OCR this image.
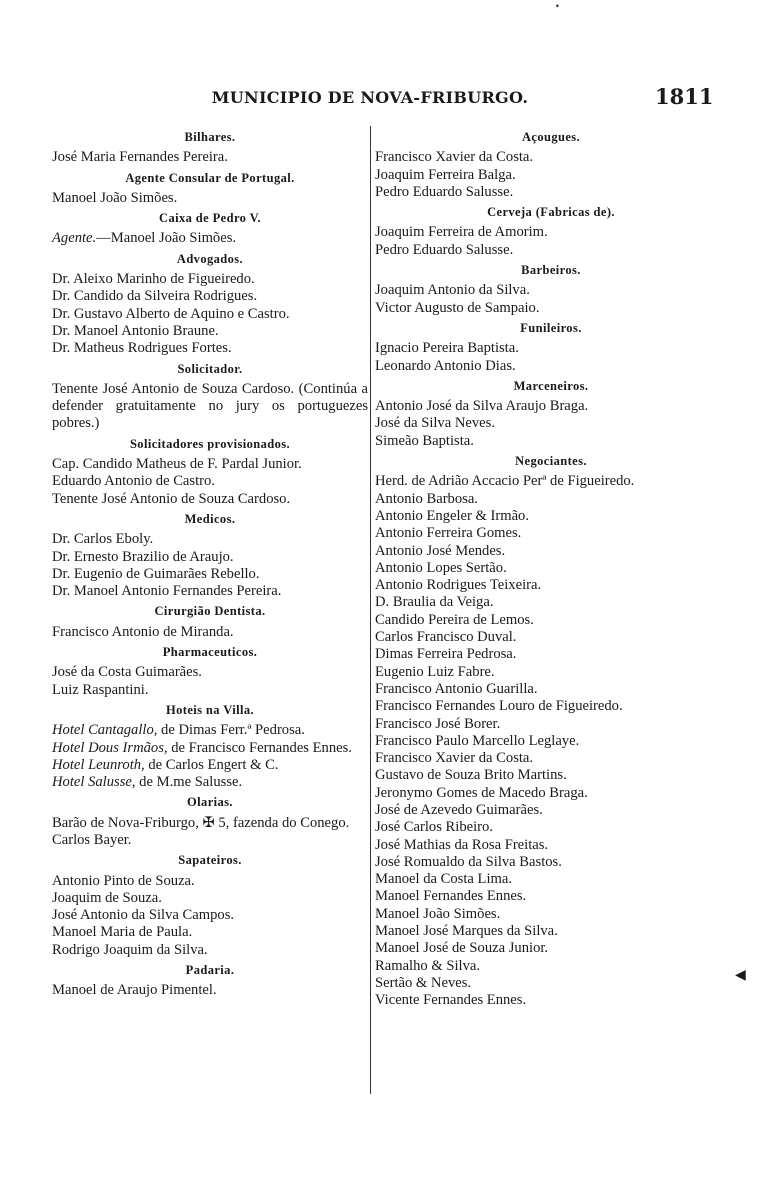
•
MUNICIPIO DE NOVA-FRIBURGO.	1811
◀
Bilhares.
José Maria Fernandes Pereira.
Agente Consular de Portugal.
Manoel João Simões.
Caixa de Pedro V.
Agente.—Manoel João Simões.
Advogados.
Dr. Aleixo Marinho de Figueiredo.
Dr. Candido da Silveira Rodrigues.
Dr. Gustavo Alberto de Aquino e Castro.
Dr. Manoel Antonio Braune.
Dr. Matheus Rodrigues Fortes.
Solicitador.
Tenente José Antonio de Souza Cardoso. (Continúa a defender gratuitamente no jury os portuguezes pobres.)
Solicitadores provisionados.
Cap. Candido Matheus de F. Pardal Junior.
Eduardo Antonio de Castro.
Tenente José Antonio de Souza Cardoso.
Medicos.
Dr. Carlos Eboly.
Dr. Ernesto Brazilio de Araujo.
Dr. Eugenio de Guimarães Rebello.
Dr. Manoel Antonio Fernandes Pereira.
Cirurgião Dentista.
Francisco Antonio de Miranda.
Pharmaceuticos.
José da Costa Guimarães.
Luiz Raspantini.
Hoteis na Villa.
Hotel Cantagallo, de Dimas Ferr.ª Pedrosa.
Hotel Dous Irmãos, de Francisco Fernandes Ennes.
Hotel Leunroth, de Carlos Engert & C.
Hotel Salusse, de M.me Salusse.
Olarias.
Barão de Nova-Friburgo, ✠ 5, fazenda do Conego.
Carlos Bayer.
Sapateiros.
Antonio Pinto de Souza.
Joaquim de Souza.
José Antonio da Silva Campos.
Manoel Maria de Paula.
Rodrigo Joaquim da Silva.
Padaria.
Manoel de Araujo Pimentel.
Açougues.
Francisco Xavier da Costa.
Joaquim Ferreira Balga.
Pedro Eduardo Salusse.
Cerveja (Fabricas de).
Joaquim Ferreira de Amorim.
Pedro Eduardo Salusse.
Barbeiros.
Joaquim Antonio da Silva.
Victor Augusto de Sampaio.
Funileiros.
Ignacio Pereira Baptista.
Leonardo Antonio Dias.
Marceneiros.
Antonio José da Silva Araujo Braga.
José da Silva Neves.
Simeão Baptista.
Negociantes.
Herd. de Adrião Accacio Perª de Figueiredo.
Antonio Barbosa.
Antonio Engeler & Irmão.
Antonio Ferreira Gomes.
Antonio José Mendes.
Antonio Lopes Sertão.
Antonio Rodrigues Teixeira.
D. Braulia da Veiga.
Candido Pereira de Lemos.
Carlos Francisco Duval.
Dimas Ferreira Pedrosa.
Eugenio Luiz Fabre.
Francisco Antonio Guarilla.
Francisco Fernandes Louro de Figueiredo.
Francisco José Borer.
Francisco Paulo Marcello Leglaye.
Francisco Xavier da Costa.
Gustavo de Souza Brito Martins.
Jeronymo Gomes de Macedo Braga.
José de Azevedo Guimarães.
José Carlos Ribeiro.
José Mathias da Rosa Freitas.
José Romualdo da Silva Bastos.
Manoel da Costa Lima.
Manoel Fernandes Ennes.
Manoel João Simões.
Manoel José Marques da Silva.
Manoel José de Souza Junior.
Ramalho & Silva.
Sertão & Neves.
Vicente Fernandes Ennes.
